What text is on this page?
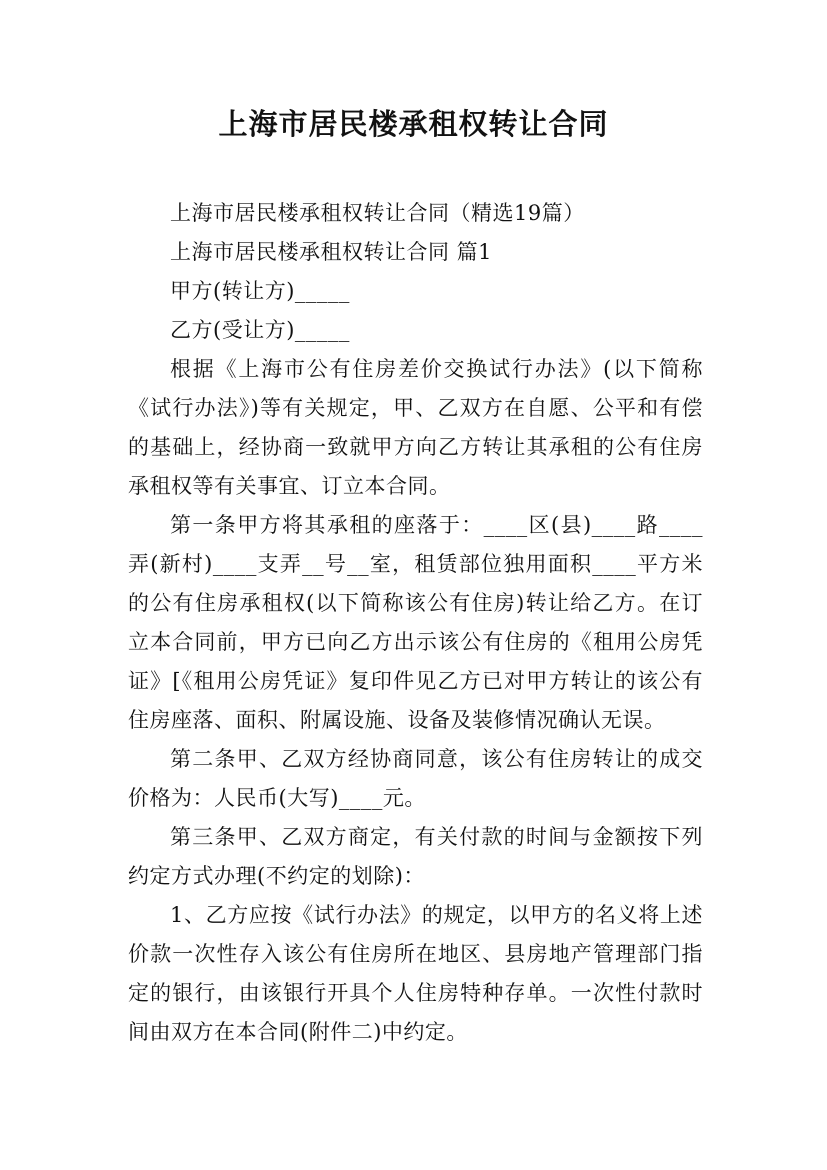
上海市居民楼承租权转让合同

上海市居民楼承租权转让合同（精选19篇）

上海市居民楼承租权转让合同 篇1

甲方(转让方)_____

乙方(受让方)_____

根据《上海市公有住房差价交换试行办法》(以下简称《试行办法》)等有关规定，甲、乙双方在自愿、公平和有偿的基础上，经协商一致就甲方向乙方转让其承租的公有住房承租权等有关事宜、订立本合同。

第一条甲方将其承租的座落于：____区(县)____路____弄(新村)____支弄__号__室，租赁部位独用面积____平方米的公有住房承租权(以下简称该公有住房)转让给乙方。在订立本合同前，甲方已向乙方出示该公有住房的《租用公房凭证》[《租用公房凭证》复印件见乙方已对甲方转让的该公有住房座落、面积、附属设施、设备及装修情况确认无误。

第二条甲、乙双方经协商同意，该公有住房转让的成交价格为：人民币(大写)____元。

第三条甲、乙双方商定，有关付款的时间与金额按下列约定方式办理(不约定的划除)：

1、乙方应按《试行办法》的规定，以甲方的名义将上述价款一次性存入该公有住房所在地区、县房地产管理部门指定的银行，由该银行开具个人住房特种存单。一次性付款时间由双方在本合同(附件二)中约定。
